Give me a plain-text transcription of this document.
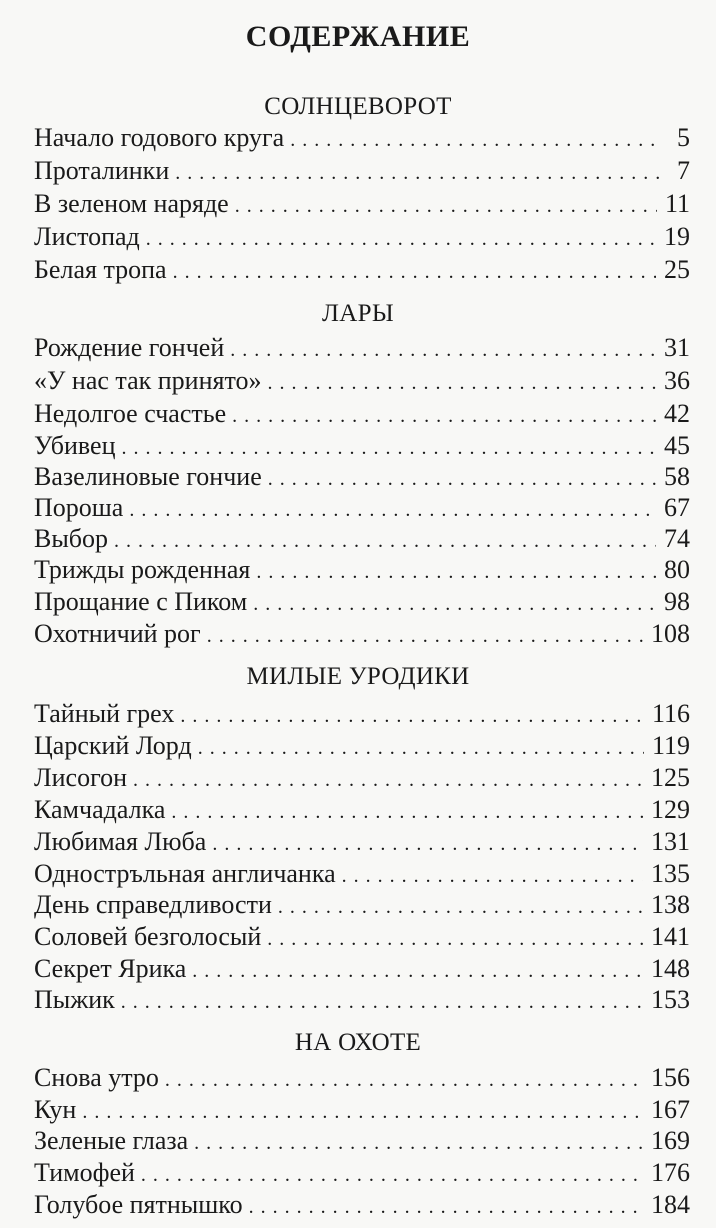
СОДЕРЖАНИЕ
СОЛНЦЕВОРОТ
Начало годового круга . . .	5
Проталинки . . .	7
В зеленом наряде . . .	11
Листопад . . .	19
Белая тропа . . .	25
ЛАРЫ
Рождение гончей . . .	31
«У нас так принято» . . .	36
Недолгое счастье . . .	42
Убивец . . .	45
Вазелиновые гончие . . .	58
Пороша . . .	67
Выбор . . .	74
Трижды рожденная . . .	80
Прощание с Пиком . . .	98
Охотничий рог . . .	108
МИЛЫЕ УРОДИКИ
Тайный грех . . .	116
Царский Лорд . . .	119
Лисогон . . .	125
Камчадалка . . .	129
Любимая Люба . . .	131
Одностръльная англичанка . . .	135
День справедливости . . .	138
Соловей безголосый . . .	141
Секрет Ярика . . .	148
Пыжик . . .	153
НА ОХОТЕ
Снова утро . . .	156
Кун . . .	167
Зеленые глаза . . .	169
Тимофей . . .	176
Голубое пятнышко . . .	184
